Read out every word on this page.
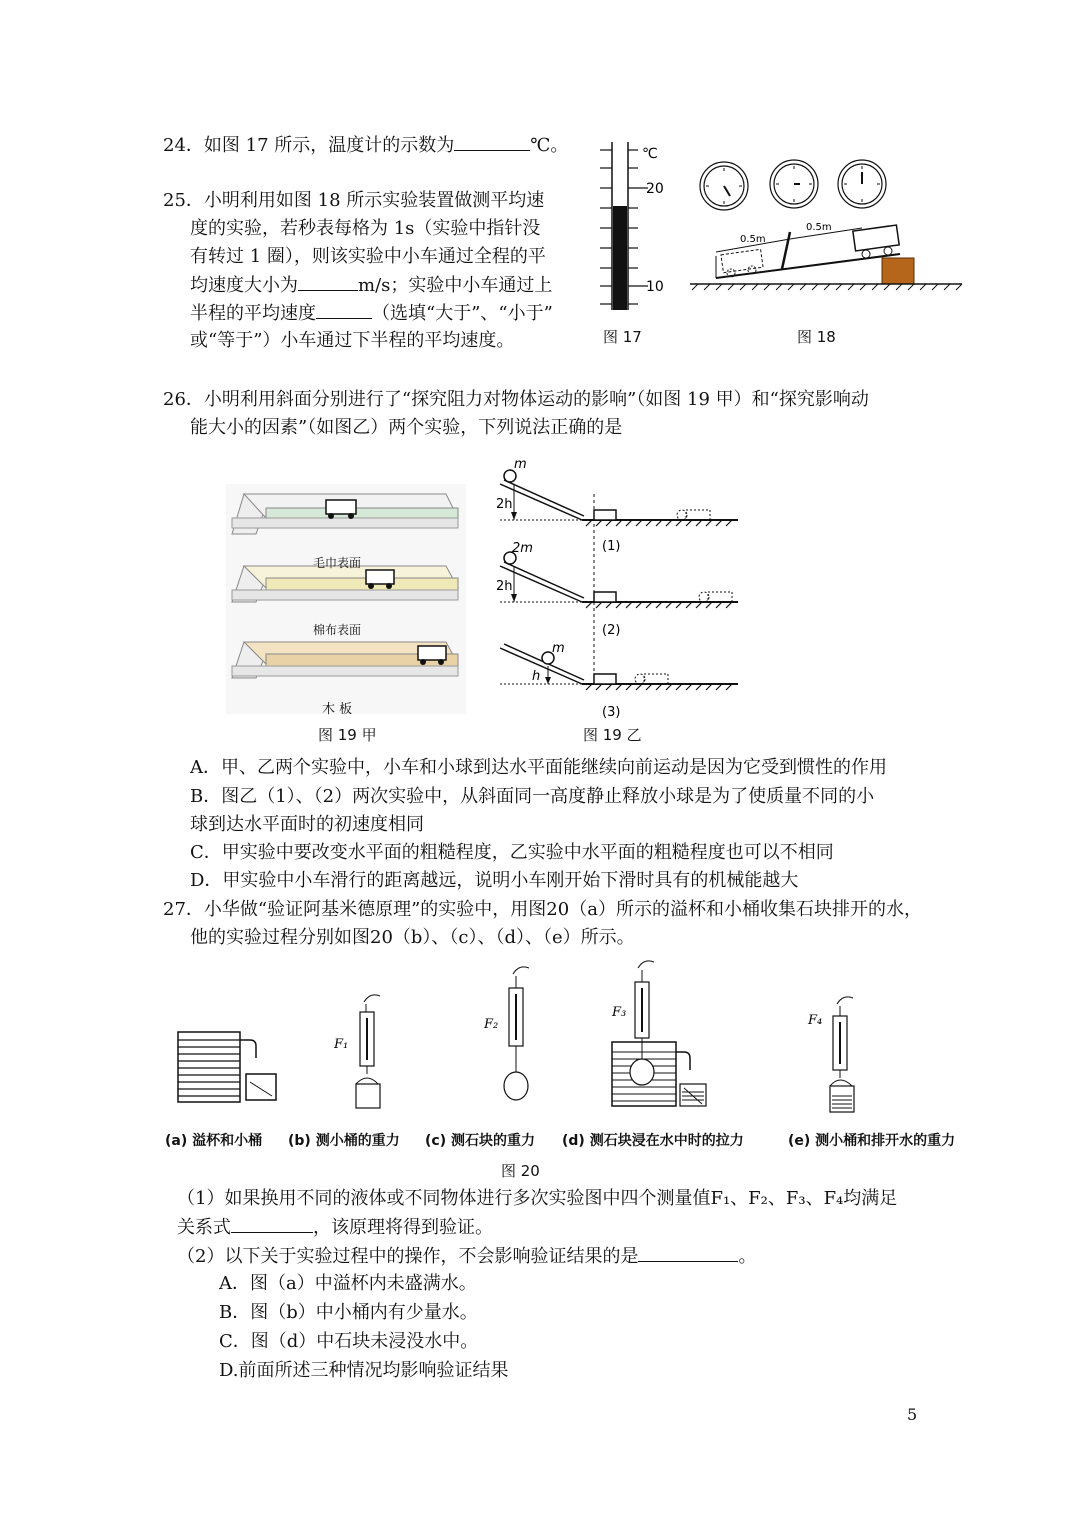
24．如图 17 所示，温度计的示数为	℃。
25．小明利用如图 18 所示实验装置做测平均速
度的实验，若秒表每格为 1s（实验中指针没
有转过 1 圈），则该实验中小车通过全程的平
均速度大小为	m/s；实验中小车通过上
半程的平均速度	（选填“大于”、“小于”
或“等于”）小车通过下半程的平均速度。
℃
20
10
图 17
0.5m
0.5m
图 18
26．小明利用斜面分别进行了“探究阻力对物体运动的影响”（如图 19 甲）和“探究影响动
能大小的因素”（如图乙）两个实验，下列说法正确的是
毛巾表面
棉布表面
木 板
图 19 甲
m
2h
(1)
2m
2h
(2)
m
h
(3)
图 19 乙
A．甲、乙两个实验中，小车和小球到达水平面能继续向前运动是因为它受到惯性的作用
B．图乙（1）、（2）两次实验中，从斜面同一高度静止释放小球是为了使质量不同的小
球到达水平面时的初速度相同
C．甲实验中要改变水平面的粗糙程度，乙实验中水平面的粗糙程度也可以不相同
D．甲实验中小车滑行的距离越远，说明小车刚开始下滑时具有的机械能越大
27．小华做“验证阿基米德原理”的实验中，用图20（a）所示的溢杯和小桶收集石块排开的水，
他的实验过程分别如图20（b）、（c）、（d）、（e）所示。
F₁
F₂
F₃
F₄
(a) 溢杯和小桶 (b) 测小桶的重力 (c) 测石块的重力 (d) 测石块浸在水中时的拉力	(e) 测小桶和排开水的重力
图 20
（1）如果换用不同的液体或不同物体进行多次实验图中四个测量值F₁、F₂、F₃、F₄均满足
关系式	，该原理将得到验证。
（2）以下关于实验过程中的操作，不会影响验证结果的是	。
A．图（a）中溢杯内未盛满水。
B．图（b）中小桶内有少量水。
C．图（d）中石块未浸没水中。
D.前面所述三种情况均影响验证结果
5
